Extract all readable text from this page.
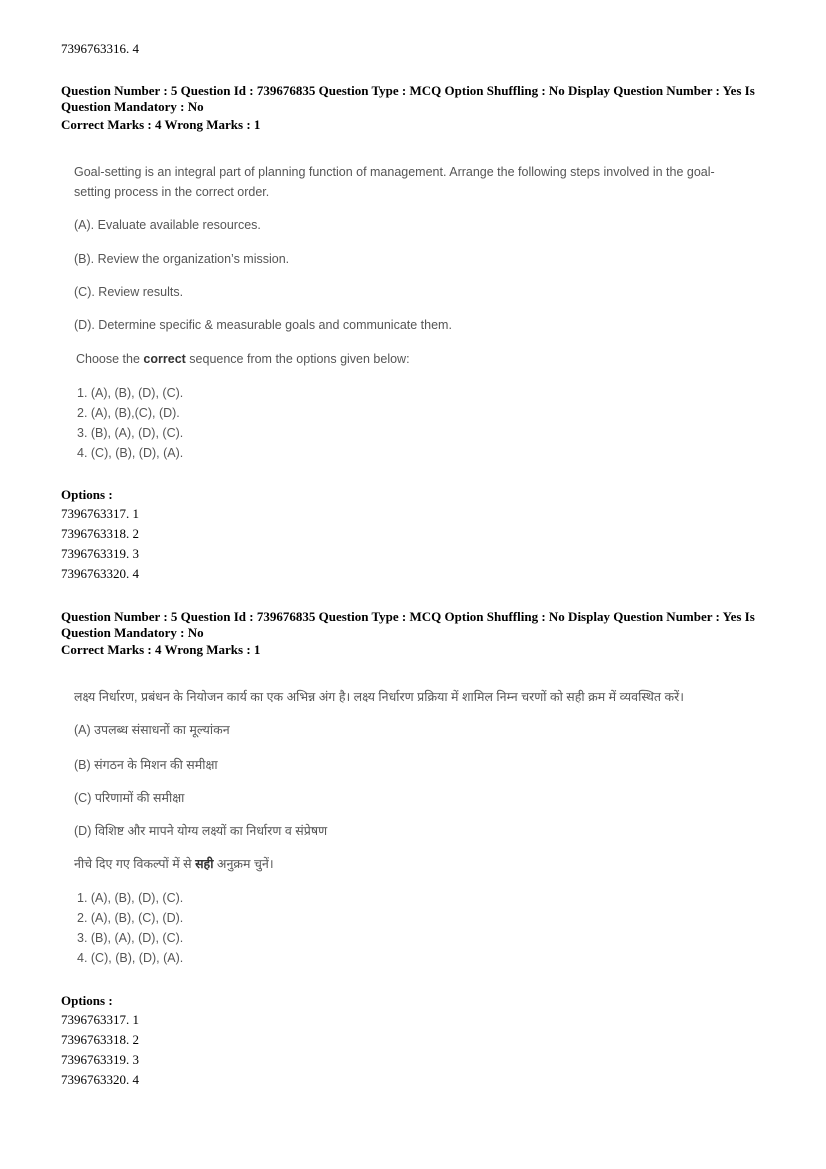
7396763316. 4
Question Number : 5 Question Id : 739676835 Question Type : MCQ Option Shuffling : No Display Question Number : Yes Is Question Mandatory : No
Correct Marks : 4 Wrong Marks : 1
Goal-setting is an integral part of planning function of management. Arrange the following steps involved in the goal-
setting process in the correct order.
(A). Evaluate available resources.
(B). Review the organization’s mission.
(C). Review results.
(D). Determine specific & measurable goals and communicate them.
Choose the correct sequence from the options given below:
1. (A), (B), (D), (C).
2. (A), (B),(C), (D).
3. (B), (A), (D), (C).
4. (C), (B), (D), (A).
Options :
7396763317. 1
7396763318. 2
7396763319. 3
7396763320. 4
Question Number : 5 Question Id : 739676835 Question Type : MCQ Option Shuffling : No Display Question Number : Yes Is Question Mandatory : No
Correct Marks : 4 Wrong Marks : 1
लक्ष्य निर्धारण, प्रबंधन के नियोजन कार्य का एक अभिन्न अंग है। लक्ष्य निर्धारण प्रक्रिया में शामिल निम्न चरणों को सही क्रम में व्यवस्थित करें।
(A) उपलब्ध संसाधनों का मूल्यांकन
(B) संगठन के मिशन की समीक्षा
(C) परिणामों की समीक्षा
(D) विशिष्ट और मापने योग्य लक्ष्यों का निर्धारण व संप्रेषण
नीचे दिए गए विकल्पों में से सही अनुक्रम चुनें।
1. (A), (B), (D), (C).
2. (A), (B), (C), (D).
3. (B), (A), (D), (C).
4. (C), (B), (D), (A).
Options :
7396763317. 1
7396763318. 2
7396763319. 3
7396763320. 4
